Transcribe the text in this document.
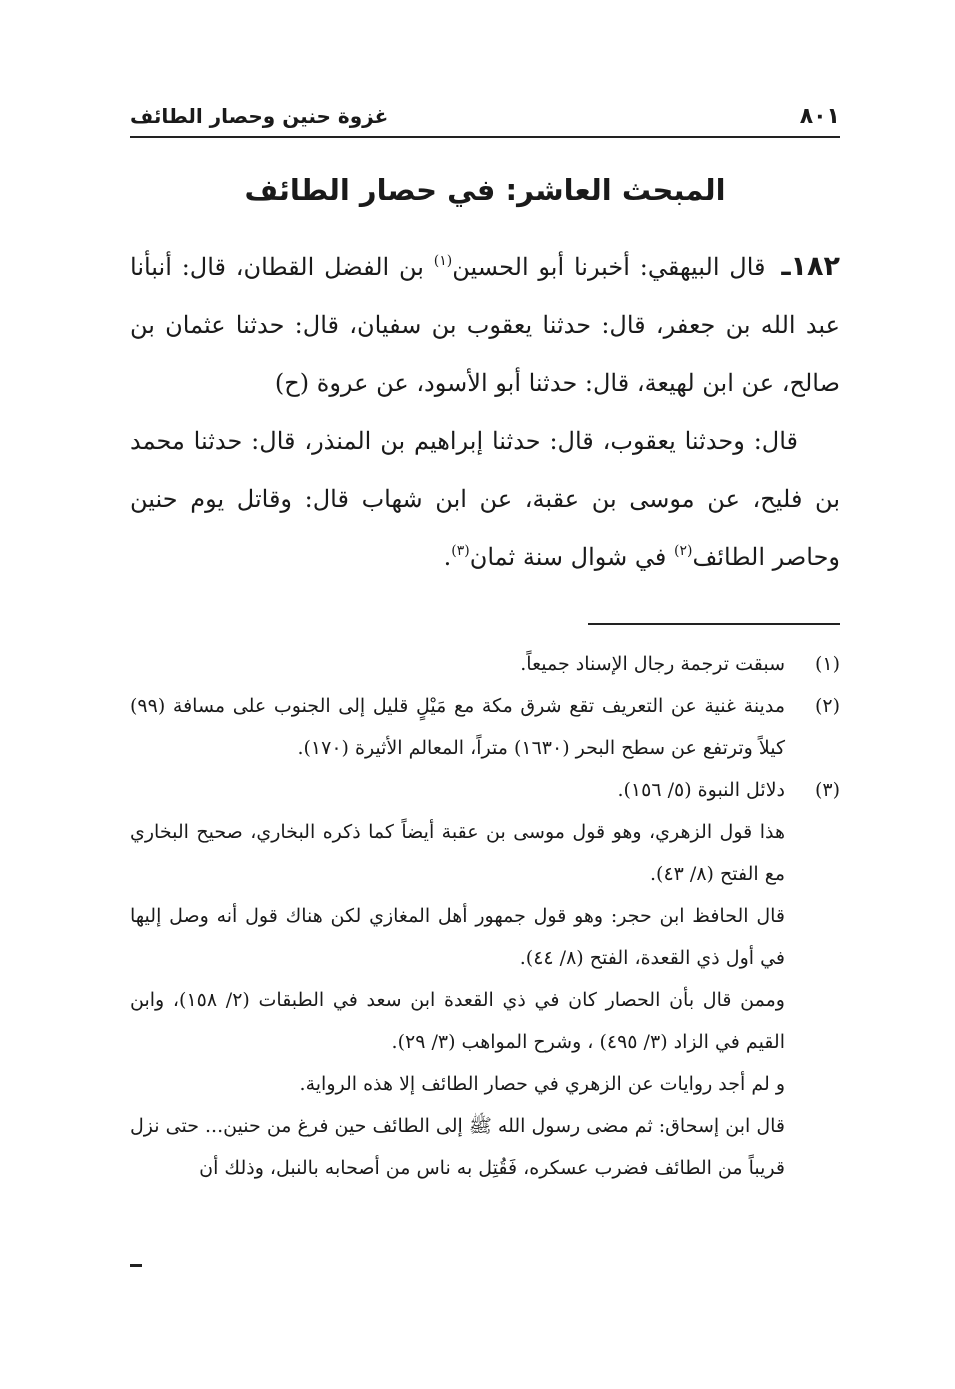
٨٠١
غزوة حنين وحصار الطائف
المبحث العاشر: في حصار الطائف

١٨٢ـ قال البيهقي: أخبرنا أبو الحسين$^{(١)}$ بن الفضل القطان، قال: أنبأنا عبد الله بن جعفر، قال: حدثنا يعقوب بن سفيان، قال: حدثنا عثمان بن صالح، عن ابن لهيعة، قال: حدثنا أبو الأسود، عن عروة (ح)

قال: وحدثنا يعقوب، قال: حدثنا إبراهيم بن المنذر، قال: حدثنا محمد بن فليح، عن موسى بن عقبة، عن ابن شهاب قال: وقاتل يوم حنين وحاصر الطائف$^{(٢)}$ في شوال سنة ثمان$^{(٣)}$.

(١)
سبقت ترجمة رجال الإسناد جميعاً.
(٢)
مدينة غنية عن التعريف تقع شرق مكة مع مَيْلٍ قليل إلى الجنوب على مسافة (٩٩) كيلاً وترتفع عن سطح البحر (١٦٣٠) متراً، المعالم الأثيرة (١٧٠).
(٣)
دلائل النبوة (٥/ ١٥٦).
هذا قول الزهري، وهو قول موسى بن عقبة أيضاً كما ذكره البخاري، صحيح البخاري مع الفتح (٨/ ٤٣).
قال الحافظ ابن حجر: وهو قول جمهور أهل المغازي لكن هناك قول أنه وصل إليها في أول ذي القعدة، الفتح (٨/ ٤٤).
وممن قال بأن الحصار كان في ذي القعدة ابن سعد في الطبقات (٢/ ١٥٨)، وابن القيم في الزاد (٣/ ٤٩٥) ، وشرح المواهب (٣/ ٢٩).
و لم أجد روايات عن الزهري في حصار الطائف إلا هذه الرواية.
قال ابن إسحاق: ثم مضى رسول الله ﷺ إلى الطائف حين فرغ من حنين... حتى نزل قريباً من الطائف فضرب عسكره، فَقُتِل به ناس من أصحابه بالنبل، وذلك أن
